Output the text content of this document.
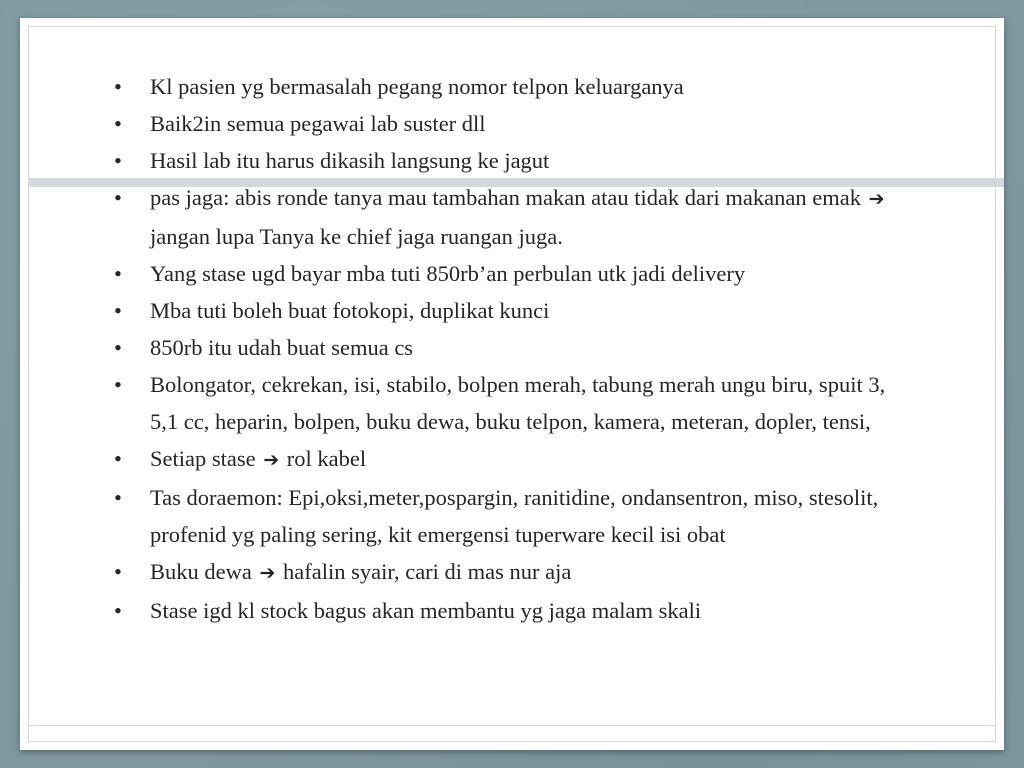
• Kl pasien yg bermasalah pegang nomor telpon keluarganya
• Baik2in semua pegawai lab suster dll
• Hasil lab itu harus dikasih langsung ke jagut
• pas jaga: abis ronde tanya mau tambahan makan atau tidak dari makanan emak ➔ jangan lupa Tanya ke chief jaga ruangan juga.
• Yang stase ugd bayar mba tuti 850rb’an perbulan utk jadi delivery
• Mba tuti boleh buat fotokopi, duplikat kunci
• 850rb itu udah buat semua cs
• Bolongator, cekrekan, isi, stabilo, bolpen merah, tabung merah ungu biru, spuit 3, 5,1 cc, heparin, bolpen, buku dewa, buku telpon, kamera, meteran, dopler, tensi,
• Setiap stase ➔ rol kabel
• Tas doraemon: Epi,oksi,meter,pospargin, ranitidine, ondansentron, miso, stesolit, profenid yg paling sering, kit emergensi tuperware kecil isi obat
• Buku dewa ➔ hafalin syair, cari di mas nur aja
• Stase igd kl stock bagus akan membantu yg jaga malam skali
